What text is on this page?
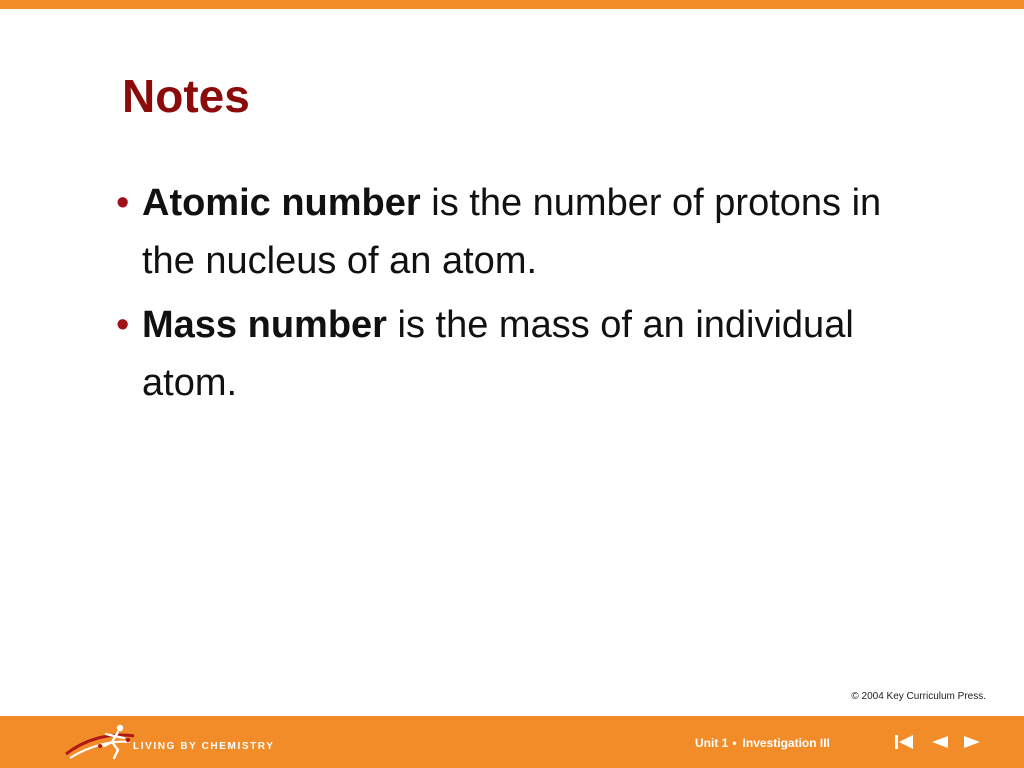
Notes
• Atomic number is the number of protons in the nucleus of an atom.
• Mass number is the mass of an individual atom.
© 2004 Key Curriculum Press.
LIVING BY CHEMISTRY	Unit 1 • Investigation III
